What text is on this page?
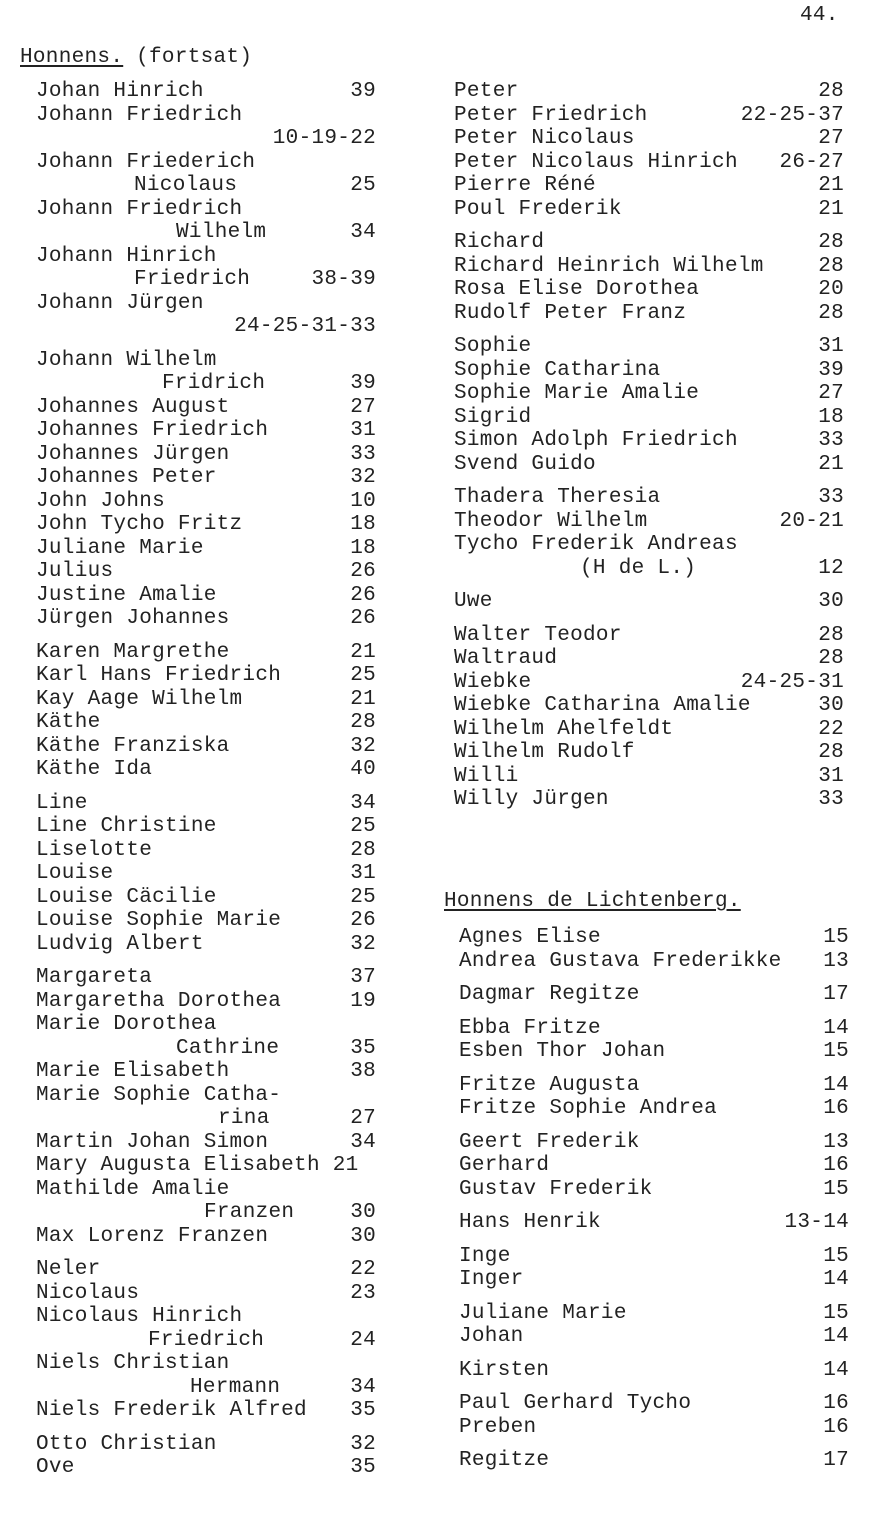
44.
Honnens. (fortsat)
Johan Hinrich	39
Johann Friedrich
10-19-22
Johann Friederich
Nicolaus	25
Johann Friedrich
Wilhelm	34
Johann Hinrich
Friedrich	38-39
Johann Jürgen
24-25-31-33
Johann Wilhelm
Fridrich	39
Johannes August	27
Johannes Friedrich	31
Johannes Jürgen	33
Johannes Peter	32
John Johns	10
John Tycho Fritz	18
Juliane Marie	18
Julius	26
Justine Amalie	26
Jürgen Johannes	26
Karen Margrethe	21
Karl Hans Friedrich	25
Kay Aage Wilhelm	21
Käthe	28
Käthe Franziska	32
Käthe Ida	40
Line	34
Line Christine	25
Liselotte	28
Louise	31
Louise Cäcilie	25
Louise Sophie Marie	26
Ludvig Albert	32
Margareta	37
Margaretha Dorothea	19
Marie Dorothea
Cathrine	35
Marie Elisabeth	38
Marie Sophie Catha-
rina	27
Martin Johan Simon	34
Mary Augusta Elisabeth
21
Mathilde Amalie
Franzen	30
Max Lorenz Franzen	30
Neler	22
Nicolaus	23
Nicolaus Hinrich
Friedrich	24
Niels Christian
Hermann	34
Niels Frederik Alfred 35
Otto Christian	32
Ove	35
Peter	28
Peter Friedrich	22-25-37
Peter Nicolaus	27
Peter Nicolaus Hinrich 26-27
Pierre Réné	21
Poul Frederik	21
Richard	28
Richard Heinrich Wilhelm	28
Rosa Elise Dorothea	20
Rudolf Peter Franz	28
Sophie	31
Sophie Catharina	39
Sophie Marie Amalie	27
Sigrid	18
Simon Adolph Friedrich	33
Svend Guido	21
Thadera Theresia	33
Theodor Wilhelm	20-21
Tycho Frederik Andreas
(H de L.)	12
Uwe	30
Walter Teodor	28
Waltraud	28
Wiebke	24-25-31
Wiebke Catharina Amalie	30
Wilhelm Ahelfeldt	22
Wilhelm Rudolf	28
Willi	31
Willy Jürgen	33
Honnens de Lichtenberg.
Agnes Elise	15
Andrea Gustava Frederikke 13
Dagmar Regitze	17
Ebba Fritze	14
Esben Thor Johan	15
Fritze Augusta	14
Fritze Sophie Andrea	16
Geert Frederik	13
Gerhard	16
Gustav Frederik	15
Hans Henrik	13-14
Inge	15
Inger	14
Juliane Marie	15
Johan	14
Kirsten	14
Paul Gerhard Tycho	16
Preben	16
Regitze	17
